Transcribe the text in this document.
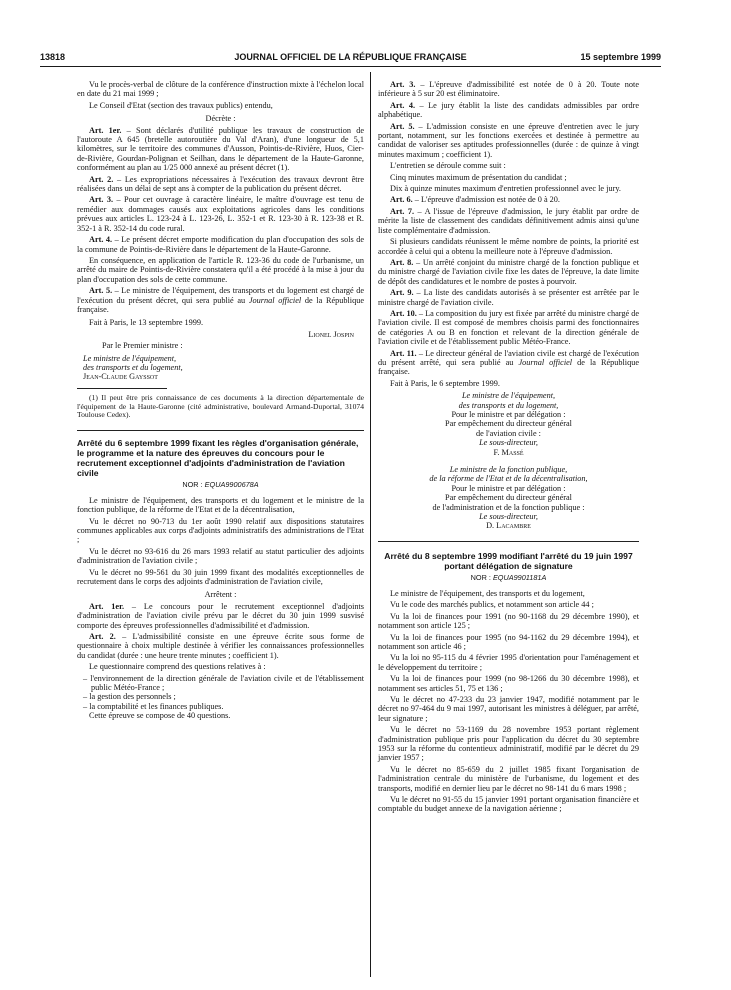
13818	JOURNAL OFFICIEL DE LA RÉPUBLIQUE FRANÇAISE	15 septembre 1999

Vu le procès-verbal de clôture de la conférence d'instruction mixte à l'échelon local en date du 21 mai 1999 ;

Le Conseil d'Etat (section des travaux publics) entendu,

Décrète :

Art. 1er. – Sont déclarés d'utilité publique les travaux de construction de l'autoroute A 645 (bretelle autoroutière du Val d'Aran), d'une longueur de 5,1 kilomètres, sur le territoire des communes d'Ausson, Pointis-de-Rivière, Huos, Cier-de-Rivière, Gourdan-Polignan et Seilhan, dans le département de la Haute-Garonne, conformément au plan au 1/25 000 annexé au présent décret (1).

Art. 2. – Les expropriations nécessaires à l'exécution des travaux devront être réalisées dans un délai de sept ans à compter de la publication du présent décret.

Art. 3. – Pour cet ouvrage à caractère linéaire, le maître d'ouvrage est tenu de remédier aux dommages causés aux exploitations agricoles dans les conditions prévues aux articles L. 123-24 à L. 123-26, L. 352-1 et R. 123-30 à R. 123-38 et R. 352-1 à R. 352-14 du code rural.

Art. 4. – Le présent décret emporte modification du plan d'occupation des sols de la commune de Pointis-de-Rivière dans le département de la Haute-Garonne.

En conséquence, en application de l'article R. 123-36 du code de l'urbanisme, un arrêté du maire de Pointis-de-Rivière constatera qu'il a été procédé à la mise à jour du plan d'occupation des sols de cette commune.

Art. 5. – Le ministre de l'équipement, des transports et du logement est chargé de l'exécution du présent décret, qui sera publié au Journal officiel de la République française.

Fait à Paris, le 13 septembre 1999.

Lionel Jospin

Par le Premier ministre :

Le ministre de l'équipement,

des transports et du logement,

Jean-Claude Gayssot

(1) Il peut être pris connaissance de ces documents à la direction départementale de l'équipement de la Haute-Garonne (cité administrative, boulevard Armand-Duportal, 31074 Toulouse Cedex).

Arrêté du 6 septembre 1999 fixant les règles d'organisation générale, le programme et la nature des épreuves du concours pour le recrutement exceptionnel d'adjoints d'administration de l'aviation civile

NOR : EQUA9900678A

Le ministre de l'équipement, des transports et du logement et le ministre de la fonction publique, de la réforme de l'Etat et de la décentralisation,

Vu le décret no 90-713 du 1er août 1990 relatif aux dispositions statutaires communes applicables aux corps d'adjoints administratifs des administrations de l'Etat ;

Vu le décret no 93-616 du 26 mars 1993 relatif au statut particulier des adjoints d'administration de l'aviation civile ;

Vu le décret no 99-561 du 30 juin 1999 fixant des modalités exceptionnelles de recrutement dans le corps des adjoints d'administration de l'aviation civile,

Arrêtent :

Art. 1er. – Le concours pour le recrutement exceptionnel d'adjoints d'administration de l'aviation civile prévu par le décret du 30 juin 1999 susvisé comporte des épreuves professionnelles d'admissibilité et d'admission.

Art. 2. – L'admissibilité consiste en une épreuve écrite sous forme de questionnaire à choix multiple destinée à vérifier les connaissances professionnelles du candidat (durée : une heure trente minutes ; coefficient 1).

Le questionnaire comprend des questions relatives à :

– l'environnement de la direction générale de l'aviation civile et de l'établissement public Météo-France ;
– la gestion des personnels ;
– la comptabilité et les finances publiques.

Cette épreuve se compose de 40 questions.

Art. 3. – L'épreuve d'admissibilité est notée de 0 à 20. Toute note inférieure à 5 sur 20 est éliminatoire.

Art. 4. – Le jury établit la liste des candidats admissibles par ordre alphabétique.

Art. 5. – L'admission consiste en une épreuve d'entretien avec le jury portant, notamment, sur les fonctions exercées et destinée à permettre au candidat de valoriser ses aptitudes professionnelles (durée : de quinze à vingt minutes maximum ; coefficient 1).

L'entretien se déroule comme suit :

Cinq minutes maximum de présentation du candidat ;

Dix à quinze minutes maximum d'entretien professionnel avec le jury.

Art. 6. – L'épreuve d'admission est notée de 0 à 20.

Art. 7. – A l'issue de l'épreuve d'admission, le jury établit par ordre de mérite la liste de classement des candidats définitivement admis ainsi qu'une liste complémentaire d'admission.

Si plusieurs candidats réunissent le même nombre de points, la priorité est accordée à celui qui a obtenu la meilleure note à l'épreuve d'admission.

Art. 8. – Un arrêté conjoint du ministre chargé de la fonction publique et du ministre chargé de l'aviation civile fixe les dates de l'épreuve, la date limite de dépôt des candidatures et le nombre de postes à pourvoir.

Art. 9. – La liste des candidats autorisés à se présenter est arrêtée par le ministre chargé de l'aviation civile.

Art. 10. – La composition du jury est fixée par arrêté du ministre chargé de l'aviation civile. Il est composé de membres choisis parmi des fonctionnaires de catégories A ou B en fonction et relevant de la direction générale de l'aviation civile et de l'établissement public Météo-France.

Art. 11. – Le directeur général de l'aviation civile est chargé de l'exécution du présent arrêté, qui sera publié au Journal officiel de la République française.

Fait à Paris, le 6 septembre 1999.

Le ministre de l'équipement,

des transports et du logement,

Pour le ministre et par délégation :

Par empêchement du directeur général

de l'aviation civile :

Le sous-directeur,

F. Massé

Le ministre de la fonction publique,

de la réforme de l'Etat et de la décentralisation,

Pour le ministre et par délégation :

Par empêchement du directeur général

de l'administration et de la fonction publique :

Le sous-directeur,

D. Lacambre

Arrêté du 8 septembre 1999 modifiant l'arrêté du 19 juin 1997 portant délégation de signature

NOR : EQUA9901181A

Le ministre de l'équipement, des transports et du logement,

Vu le code des marchés publics, et notamment son article 44 ;

Vu la loi de finances pour 1991 (no 90-1168 du 29 décembre 1990), et notamment son article 125 ;

Vu la loi de finances pour 1995 (no 94-1162 du 29 décembre 1994), et notamment son article 46 ;

Vu la loi no 95-115 du 4 février 1995 d'orientation pour l'aménagement et le développement du territoire ;

Vu la loi de finances pour 1999 (no 98-1266 du 30 décembre 1998), et notamment ses articles 51, 75 et 136 ;

Vu le décret no 47-233 du 23 janvier 1947, modifié notamment par le décret no 97-464 du 9 mai 1997, autorisant les ministres à déléguer, par arrêté, leur signature ;

Vu le décret no 53-1169 du 28 novembre 1953 portant règlement d'administration publique pris pour l'application du décret du 30 septembre 1953 sur la réforme du contentieux administratif, modifié par le décret du 29 janvier 1957 ;

Vu le décret no 85-659 du 2 juillet 1985 fixant l'organisation de l'administration centrale du ministère de l'urbanisme, du logement et des transports, modifié en dernier lieu par le décret no 98-141 du 6 mars 1998 ;

Vu le décret no 91-55 du 15 janvier 1991 portant organisation financière et comptable du budget annexe de la navigation aérienne ;
